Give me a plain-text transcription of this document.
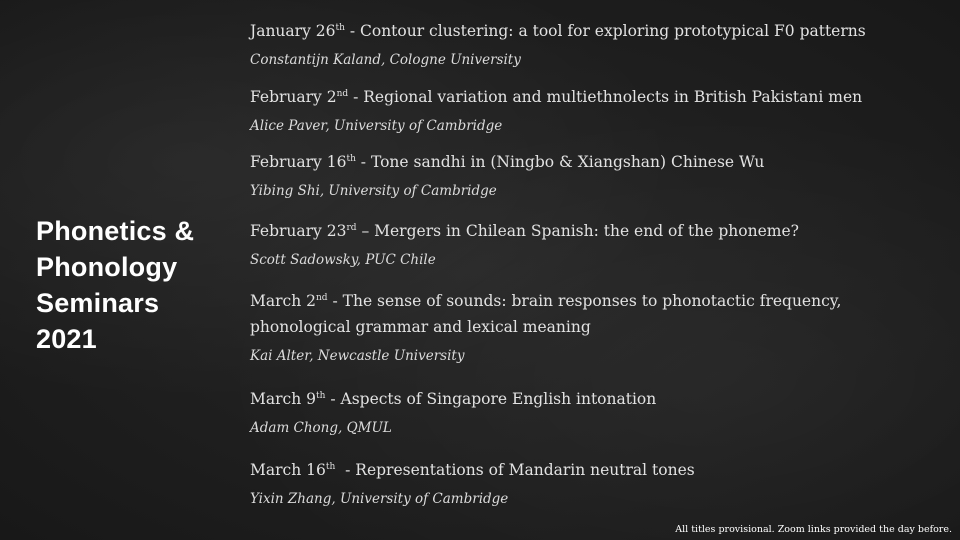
Phonetics &
Phonology
Seminars
2021
January 26th - Contour clustering: a tool for exploring prototypical F0 patterns
Constantijn Kaland, Cologne University
February 2nd - Regional variation and multiethnolects in British Pakistani men
Alice Paver, University of Cambridge
February 16th - Tone sandhi in (Ningbo & Xiangshan) Chinese Wu
Yibing Shi, University of Cambridge
February 23rd – Mergers in Chilean Spanish: the end of the phoneme?
Scott Sadowsky, PUC Chile
March 2nd - The sense of sounds: brain responses to phonotactic frequency,
phonological grammar and lexical meaning
Kai Alter, Newcastle University
March 9th - Aspects of Singapore English intonation
Adam Chong, QMUL
March 16th  - Representations of Mandarin neutral tones
Yixin Zhang, University of Cambridge
All titles provisional. Zoom links provided the day before.
